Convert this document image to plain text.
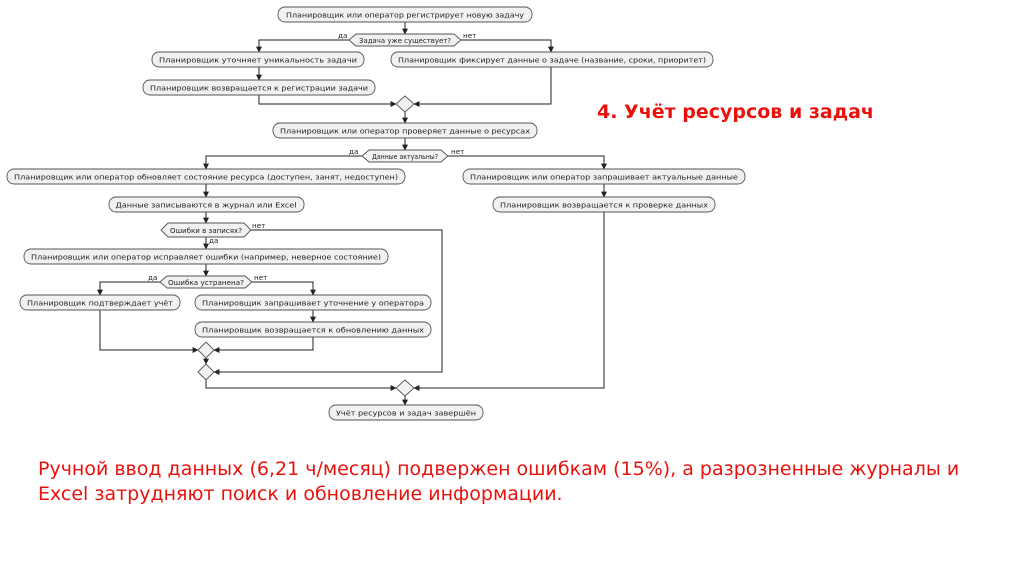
Планировщик или оператор регистрирует новую задачу
Планировщик уточняет уникальность задачи
Планировщик возвращается к регистрации задачи
Планировщик фиксирует данные о задаче (название, сроки, приоритет)
Планировщик или оператор проверяет данные о ресурсах
Планировщик или оператор обновляет состояние ресурса (доступен, занят, недоступен)
Данные записываются в журнал или Excel
Планировщик или оператор исправляет ошибки (например, неверное состояние)
Планировщик подтверждает учёт	Планировщик запрашивает уточнение у оператора
Планировщик возвращается к обновлению данных
Планировщик или оператор запрашивает актуальные данные
Планировщик возвращается к проверке данных
Учёт ресурсов и задач завершён
Задача уже существует?
Данные актуальны?
Ошибки в записях?
Ошибка устранена?
да	нет
да	нет
нет
да
да	нет
4. Учёт ресурсов и задач
Ручной ввод данных (6,21 ч/месяц) подвержен ошибкам (15%), а разрозненные журналы и Excel затрудняют поиск и обновление информации.
